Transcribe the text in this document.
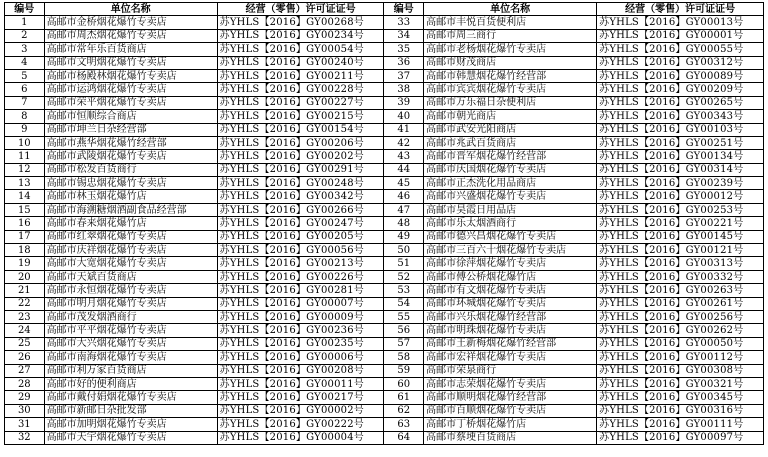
编号	单位名称	经营（零售）许可证证号	编号	单位名称	经营（零售）许可证证号
1	高邮市金桥烟花爆竹专卖店	苏YHLS【2016】GY00268号	33	高邮市丰悦百货便利店	苏YHLS【2016】GY00013号
2	高邮市周杰烟花爆竹专卖店	苏YHLS【2016】GY00234号	34	高邮市周三商行	苏YHLS【2016】GY00001号
3	高邮市常年乐百货商店	苏YHLS【2016】GY00054号	35	高邮市老杨烟花爆竹专卖店	苏YHLS【2016】GY00055号
4	高邮市文明烟花爆竹专卖店	苏YHLS【2016】GY00240号	36	高邮市财茂商店	苏YHLS【2016】GY00312号
5	高邮市杨殿林烟花爆竹专卖店	苏YHLS【2016】GY00211号	37	高邮市韩慧烟花爆竹经营部	苏YHLS【2016】GY00089号
6	高邮市运鸿烟花爆竹专卖店	苏YHLS【2016】GY00228号	38	高邮市宾宾烟花爆竹专卖店	苏YHLS【2016】GY00209号
7	高邮市荣平烟花爆竹专卖店	苏YHLS【2016】GY00227号	39	高邮市万乐福日杂便利店	苏YHLS【2016】GY00265号
8	高邮市恒顺综合商店	苏YHLS【2016】GY00215号	40	高邮市朝光商店	苏YHLS【2016】GY00343号
9	高邮市坤兰日杂经营部	苏YHLS【2016】GY00154号	41	高邮市武安光阳商店	苏YHLS【2016】GY00103号
10	高邮市燕华烟花爆竹经营部	苏YHLS【2016】GY00206号	42	高邮市兆武百货商店	苏YHLS【2016】GY00251号
11	高邮市武陵烟花爆竹专卖店	苏YHLS【2016】GY00202号	43	高邮市晋军烟花爆竹经营部	苏YHLS【2016】GY00134号
12	高邮市松发百货商行	苏YHLS【2016】GY00291号	44	高邮市庆国烟花爆竹专卖店	苏YHLS【2016】GY00314号
13	高邮市锡忠烟花爆竹专卖店	苏YHLS【2016】GY00248号	45	高邮市正杰洗化用品商店	苏YHLS【2016】GY00239号
14	高邮市林玉烟花爆竹店	苏YHLS【2016】GY00342号	46	高邮市兴盛烟花爆竹专卖店	苏YHLS【2016】GY00012号
15	高邮市海溯糖烟酒副食品经营部	苏YHLS【2016】GY00266号	47	高邮市昊霞日用品店	苏YHLS【2016】GY00253号
16	高邮市春来烟花爆竹店	苏YHLS【2016】GY00247号	48	高邮市乐太烟酒商行	苏YHLS【2016】GY00221号
17	高邮市红翠烟花爆竹专卖店	苏YHLS【2016】GY00205号	49	高邮市德兴昌烟花爆竹专卖店	苏YHLS【2016】GY00145号
18	高邮市庆祥烟花爆竹专卖店	苏YHLS【2016】GY00056号	50	高邮市三百六十烟花爆竹专卖店	苏YHLS【2016】GY00121号
19	高邮市大宽烟花爆竹专卖店	苏YHLS【2016】GY00213号	51	高邮市徐萍烟花爆竹专卖店	苏YHLS【2016】GY00313号
20	高邮市天斌百货商店	苏YHLS【2016】GY00226号	52	高邮市傅公桥烟花爆竹店	苏YHLS【2016】GY00332号
21	高邮市永恒烟花爆竹专卖店	苏YHLS【2016】GY00281号	53	高邮市有文烟花爆竹专卖店	苏YHLS【2016】GY00263号
22	高邮市明月烟花爆竹专卖店	苏YHLS【2016】GY00007号	54	高邮市环城烟花爆竹专卖店	苏YHLS【2016】GY00261号
23	高邮市茂发烟酒商行	苏YHLS【2016】GY00009号	55	高邮市兴乐烟花爆竹经营部	苏YHLS【2016】GY00256号
24	高邮市平平烟花爆竹专卖店	苏YHLS【2016】GY00236号	56	高邮市明珠烟花爆竹专卖店	苏YHLS【2016】GY00262号
25	高邮市大兴烟花爆竹专卖店	苏YHLS【2016】GY00235号	57	高邮市王新梅烟花爆竹经营部	苏YHLS【2016】GY00050号
26	高邮市南海烟花爆竹专卖店	苏YHLS【2016】GY00006号	58	高邮市宏祥烟花爆竹专卖店	苏YHLS【2016】GY00112号
27	高邮市利万家百货商店	苏YHLS【2016】GY00208号	59	高邮市荣泉商行	苏YHLS【2016】GY00308号
28	高邮市好的便利商店	苏YHLS【2016】GY00011号	60	高邮市志荣烟花爆竹专卖店	苏YHLS【2016】GY00321号
29	高邮市戴付娟烟花爆竹专卖店	苏YHLS【2016】GY00217号	61	高邮市顺明烟花爆竹经营部	苏YHLS【2016】GY00345号
30	高邮市新邮日杂批发部	苏YHLS【2016】GY00002号	62	高邮市百顺烟花爆竹专卖店	苏YHLS【2016】GY00316号
31	高邮市加明烟花爆竹专卖店	苏YHLS【2016】GY00222号	63	高邮市丁桥烟花爆竹店	苏YHLS【2016】GY00111号
32	高邮市天宇烟花爆竹专卖店	苏YHLS【2016】GY00004号	64	高邮市蔡埂百货商店	苏YHLS【2016】GY00097号
